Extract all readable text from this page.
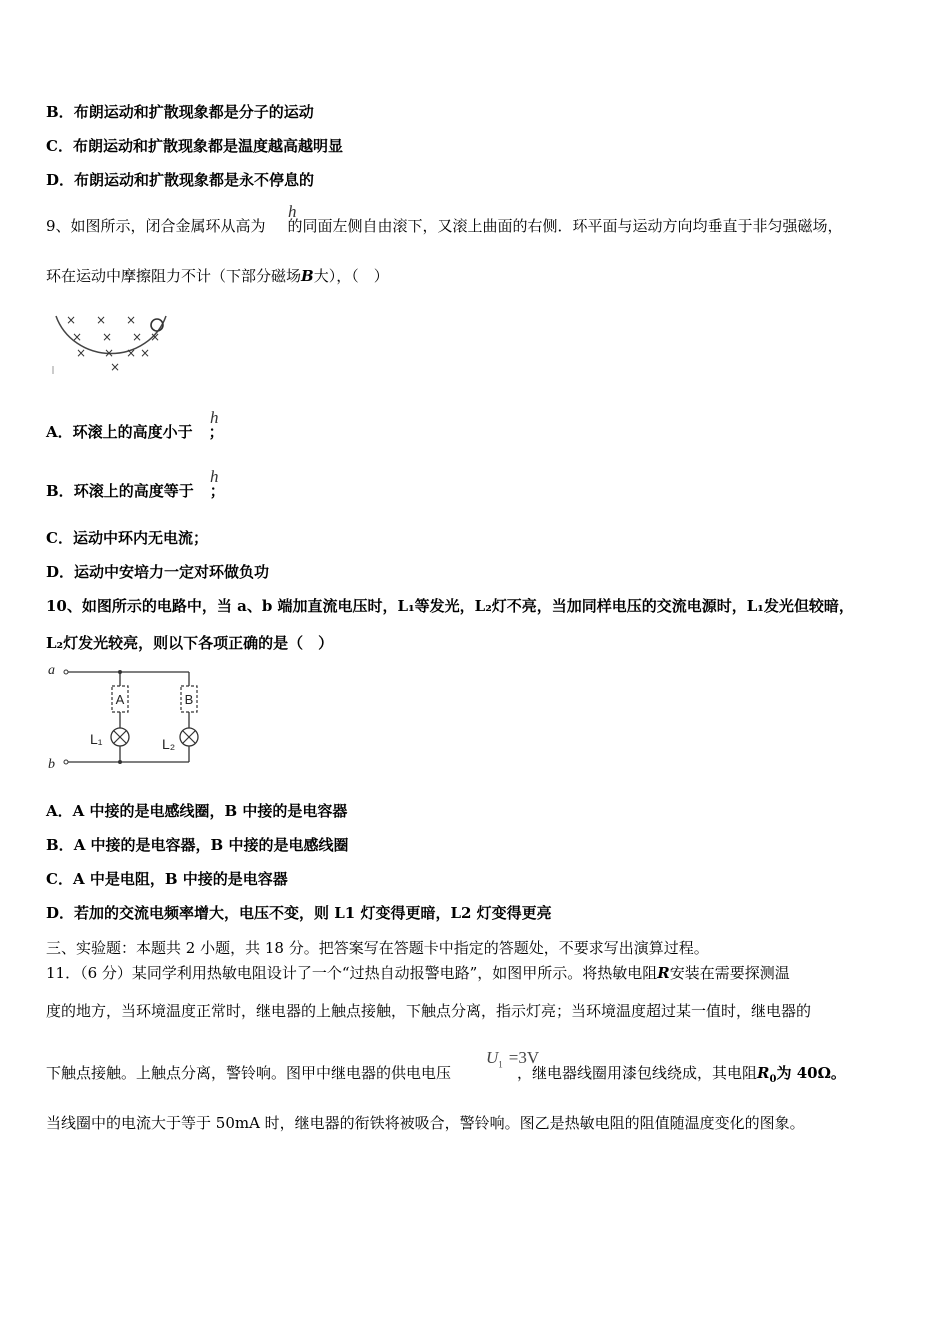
B．布朗运动和扩散现象都是分子的运动
C．布朗运动和扩散现象都是温度越高越明显
D．布朗运动和扩散现象都是永不停息的
9、如图所示，闭合金属环从高为 的同面左侧自由滚下，又滚上曲面的右侧．环平面与运动方向均垂直于非匀强磁场，
h
环在运动中摩擦阻力不计（下部分磁场B大），（　）
× × ×
× × × ×
× × × ×
×
A．环滚上的高度小于 ；
h
B．环滚上的高度等于 ；
h
C．运动中环内无电流；
D．运动中安培力一定对环做负功
10、如图所示的电路中，当 a、b 端加直流电压时，L₁等发光，L₂灯不亮，当加同样电压的交流电源时，L₁发光但较暗，
L₂灯发光较亮，则以下各项正确的是（　）
a
b
A	B
L₁	L₂
A．A 中接的是电感线圈，B 中接的是电容器
B．A 中接的是电容器，B 中接的是电感线圈
C．A 中是电阻，B 中接的是电容器
D．若加的交流电频率增大，电压不变，则 L1 灯变得更暗，L2 灯变得更亮
三、实验题：本题共 2 小题，共 18 分。把答案写在答题卡中指定的答题处，不要求写出演算过程。
11．（6 分）某同学利用热敏电阻设计了一个“过热自动报警电路”，如图甲所示。将热敏电阻R安装在需要探测温
度的地方，当环境温度正常时，继电器的上触点接触，下触点分离，指示灯亮；当环境温度超过某一值时，继电器的
下触点接触。上触点分离，警铃响。图甲中继电器的供电电压	，继电器线圈用漆包线绕成，其电阻$R_0$为 40Ω。
$U_1 =3V$
当线圈中的电流大于等于 50mA 时，继电器的衔铁将被吸合，警铃响。图乙是热敏电阻的阻值随温度变化的图象。
